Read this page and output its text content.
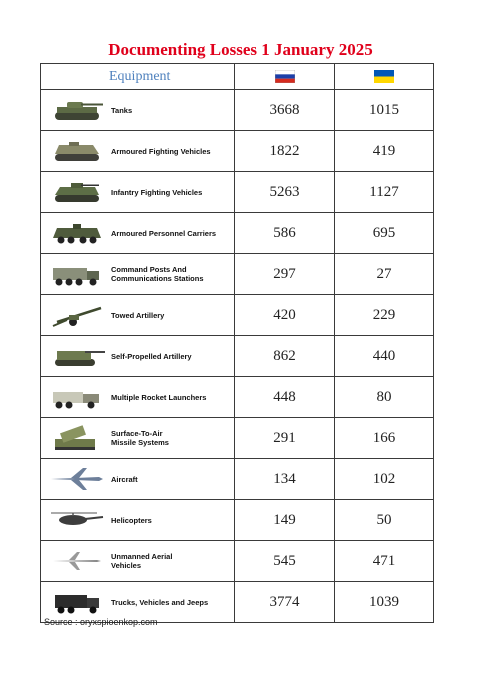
Documenting Losses 1 January 2025
Equipment	

Tanks	3668	1015

Armoured Fighting Vehicles	1822	419

Infantry Fighting Vehicles	5263	1127

Armoured Personnel Carriers	586	695

Command Posts And
Communications Stations	297	27

Towed Artillery	420	229

Self-Propelled Artillery	862	440

Multiple Rocket Launchers	448	80

Surface-To-Air
Missile Systems	291	166

Aircraft	134	102

Helicopters	149	50

Unmanned Aerial
Vehicles	545	471

Trucks, Vehicles and Jeeps	3774	1039
Source : oryxspioenkop.com
